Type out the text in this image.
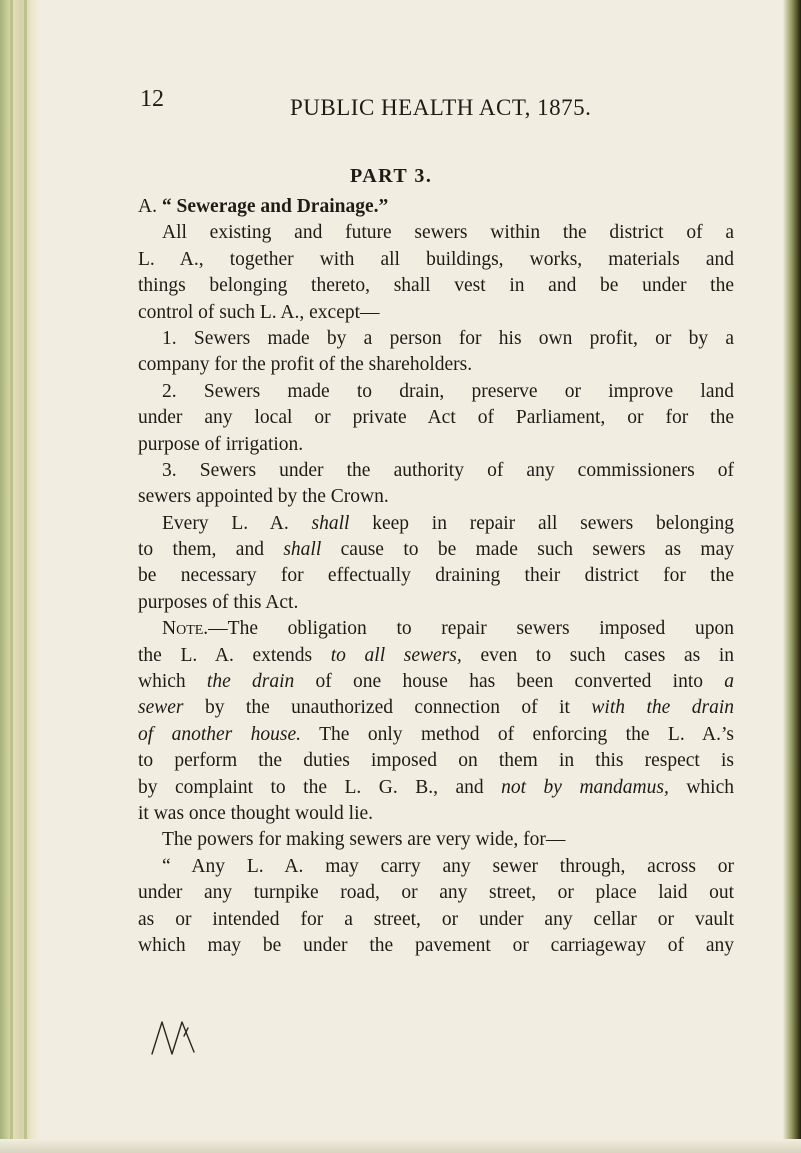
12	PUBLIC HEALTH ACT, 1875.
PART 3.
A. “ Sewerage and Drainage.”
All existing and future sewers within the district of a
L. A., together with all buildings, works, materials and
things belonging thereto, shall vest in and be under the
control of such L. A., except—
1. Sewers made by a person for his own profit, or by a
company for the profit of the shareholders.
2. Sewers made to drain, preserve or improve land
under any local or private Act of Parliament, or for the
purpose of irrigation.
3. Sewers under the authority of any commissioners of
sewers appointed by the Crown.
Every L. A. shall keep in repair all sewers belonging
to them, and shall cause to be made such sewers as may
be necessary for effectually draining their district for the
purposes of this Act.
Note.—The obligation to repair sewers imposed upon
the L. A. extends to all sewers, even to such cases as in
which the drain of one house has been converted into a
sewer by the unauthorized connection of it with the drain
of another house. The only method of enforcing the L. A.’s
to perform the duties imposed on them in this respect is
by complaint to the L. G. B., and not by mandamus, which
it was once thought would lie.
The powers for making sewers are very wide, for—
“ Any L. A. may carry any sewer through, across or
under any turnpike road, or any street, or place laid out
as or intended for a street, or under any cellar or vault
which may be under the pavement or carriageway of any
